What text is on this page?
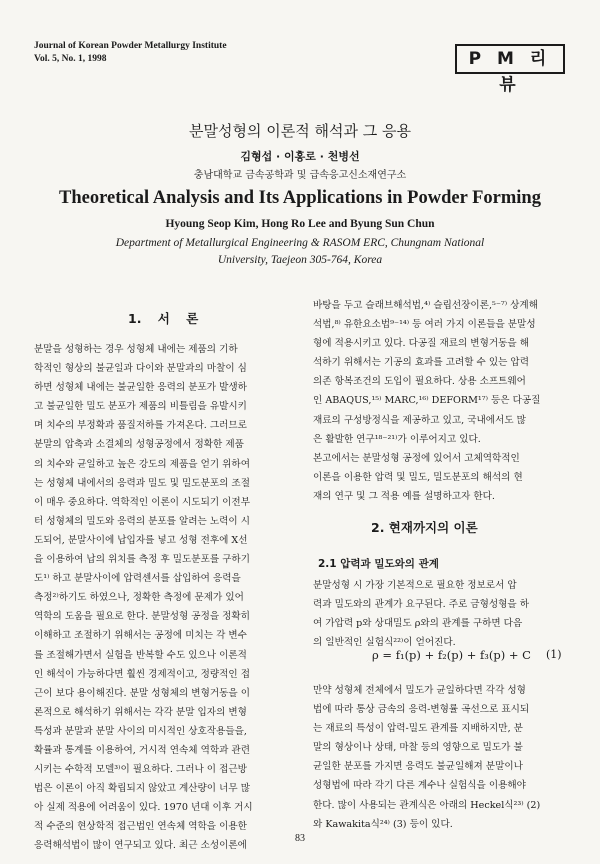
Journal of Korean Powder Metallurgy Institute
Vol. 5, No. 1, 1998	P M 리 뷰
분말성형의 이론적 해석과 그 응용
김형섭 · 이홍로 · 천병선
충남대학교 금속공학과 및 급속응고신소재연구소
Theoretical Analysis and Its Applications in Powder Forming
Hyoung Seop Kim, Hong Ro Lee and Byung Sun Chun
Department of Metallurgical Engineering & RASOM ERC, Chungnam National
University, Taejeon 305-764, Korea
1. 서 론
분말을 성형하는 경우 성형체 내에는 제품의 기하
학적인 형상의 불균일과 다이와 분말과의 마찰이 심
하면 성형체 내에는 불균일한 응력의 분포가 발생하
고 불균일한 밀도 분포가 제품의 비틀림을 유발시키
며 치수의 부정확과 품질저하를 가져온다. 그러므로
분말의 압축과 소결체의 성형공정에서 정확한 제품
의 치수와 균일하고 높은 강도의 제품을 얻기 위하여
는 성형체 내에서의 응력과 밀도 및 밀도분포의 조절
이 매우 중요하다. 역학적인 이론이 시도되기 이전부
터 성형체의 밀도와 응력의 분포를 알려는 노력이 시
도되어, 분말사이에 납입자를 넣고 성형 전후에 X선
을 이용하여 납의 위치를 측정 후 밀도분포를 구하기
도¹⁾ 하고 분말사이에 압력센서를 삽입하여 응력을
측정²⁾하기도 하였으나, 정확한 측정에 문제가 있어
역학의 도움을 필요로 한다. 분말성형 공정을 정확히
이해하고 조절하기 위해서는 공정에 미치는 각 변수
를 조절해가면서 실험을 반복할 수도 있으나 이론적
인 해석이 가능하다면 훨씬 경제적이고, 정량적인 접
근이 보다 용이해진다. 분말 성형체의 변형거동을 이
론적으로 해석하기 위해서는 각각 분말 입자의 변형
특성과 분말과 분말 사이의 미시적인 상호작용들을,
확률과 통계를 이용하여, 거시적 연속체 역학과 관련
시키는 수학적 모델³⁾이 필요하다. 그러나 이 접근방
법은 이론이 아직 확립되지 않았고 계산량이 너무 많
아 실제 적용에 어려움이 있다. 1970 년대 이후 거시
적 수준의 현상학적 접근법인 연속체 역학을 이용한
응력해석법이 많이 연구되고 있다. 최근 소성이론에
바탕을 두고 슬래브해석법,⁴⁾ 슬립선장이론,⁵⁻⁷⁾ 상계해
석법,⁸⁾ 유한요소법⁹⁻¹⁴⁾ 등 여러 가지 이론들을 분말성
형에 적용시키고 있다. 다공질 재료의 변형거동을 해
석하기 위해서는 기공의 효과를 고려할 수 있는 압력
의존 항복조건의 도입이 필요하다. 상용 소프트웨어
인 ABAQUS,¹⁵⁾ MARC,¹⁶⁾ DEFORM¹⁷⁾ 등은 다공질
재료의 구성방정식을 제공하고 있고, 국내에서도 많
은 활발한 연구¹⁸⁻²¹⁾가 이루어지고 있다.
본고에서는 분말성형 공정에 있어서 고체역학적인
이론을 이용한 압력 및 밀도, 밀도분포의 해석의 현
재의 연구 및 그 적용 예를 설명하고자 한다.
2. 현재까지의 이론
2.1 압력과 밀도와의 관계
분말성형 시 가장 기본적으로 필요한 정보로서 압
력과 밀도와의 관계가 요구된다. 주로 금형성형을 하
여 가압력 p와 상대밀도 ρ와의 관계를 구하면 다음
의 일반적인 실험식²²⁾이 얻어진다.
ρ = f₁(p) + f₂(p) + f₃(p) + C (1)
만약 성형체 전체에서 밀도가 균일하다면 각각 성형
법에 따라 통상 금속의 응력-변형률 곡선으로 표시되
는 재료의 특성이 압력-밀도 관계를 지배하지만, 분
말의 형상이나 상태, 마찰 등의 영향으로 밀도가 불
균일한 분포를 가지면 응력도 불균일해져 분말이나
성형법에 따라 각기 다른 계수나 실험식을 이용해야
한다. 많이 사용되는 관계식은 아래의 Heckel식²³⁾ (2)
와 Kawakita식²⁴⁾ (3) 등이 있다.
83
